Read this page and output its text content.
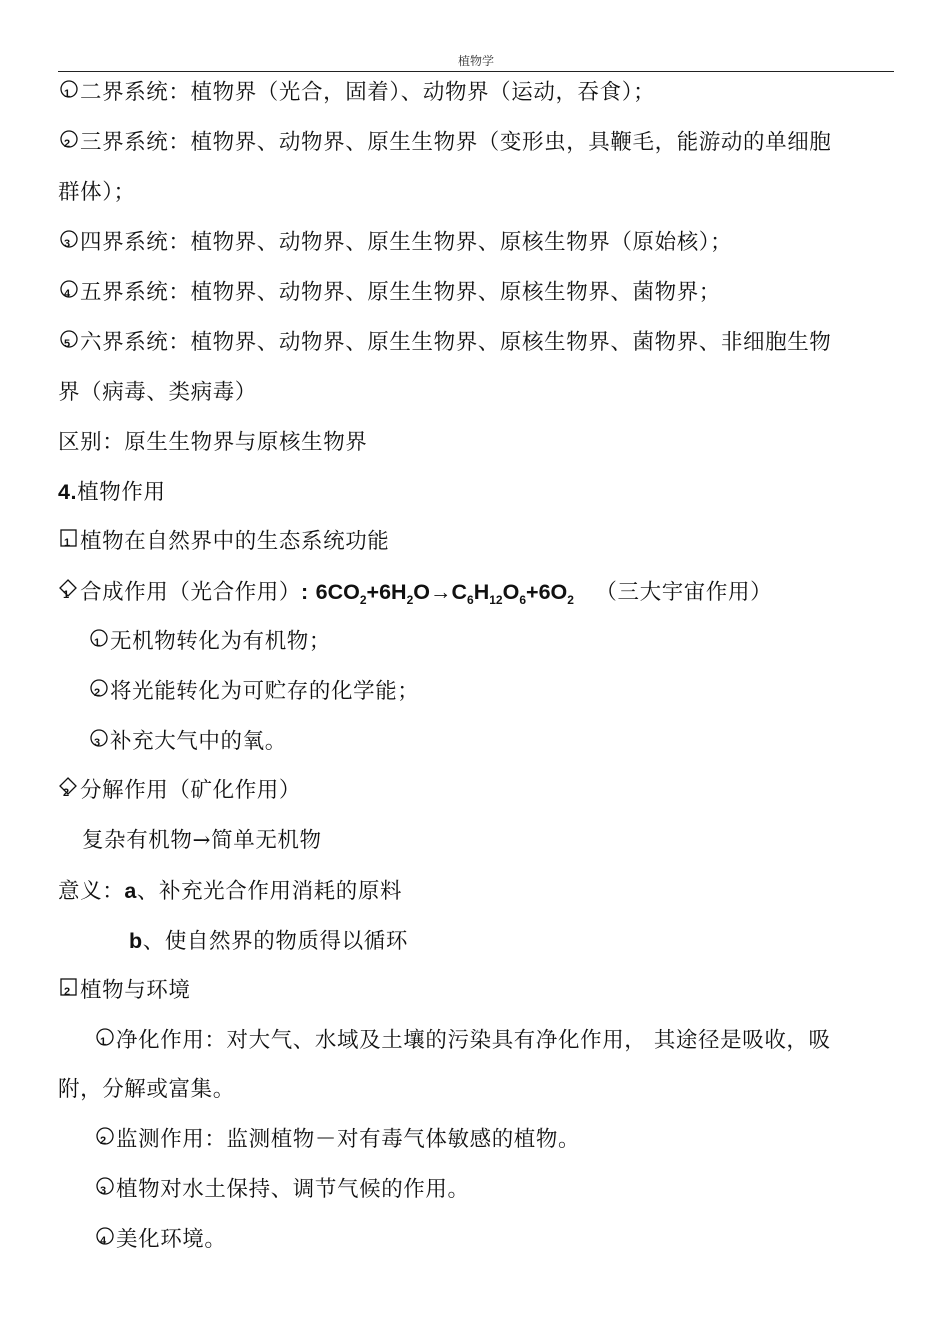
植物学
1 二界系统：植物界（光合，固着）、动物界（运动，吞食）；
2 三界系统：植物界、动物界、原生生物界（变形虫，具鞭毛，能游动的单细胞
群体）；
3 四界系统：植物界、动物界、原生生物界、原核生物界（原始核）；
4 五界系统：植物界、动物界、原生生物界、原核生物界、菌物界；
5 六界系统：植物界、动物界、原生生物界、原核生物界、菌物界、非细胞生物
界（病毒、类病毒）
区别：原生生物界与原核生物界
4.植物作用
1 植物在自然界中的生态系统功能
1 合成作用（光合作用）: $6CO_2+6H_2O\to C_6H_{12}O_6+6O_2$ （三大宇宙作用）
1 无机物转化为有机物；
2 将光能转化为可贮存的化学能；
3 补充大气中的氧。
2 分解作用（矿化作用）
复杂有机物→简单无机物
意义：a、补充光合作用消耗的原料
b、使自然界的物质得以循环
2 植物与环境
1 净化作用：对大气、水域及土壤的污染具有净化作用， 其途径是吸收，吸
附，分解或富集。
2 监测作用：监测植物－对有毒气体敏感的植物。
3 植物对水土保持、调节气候的作用。
4 美化环境。
